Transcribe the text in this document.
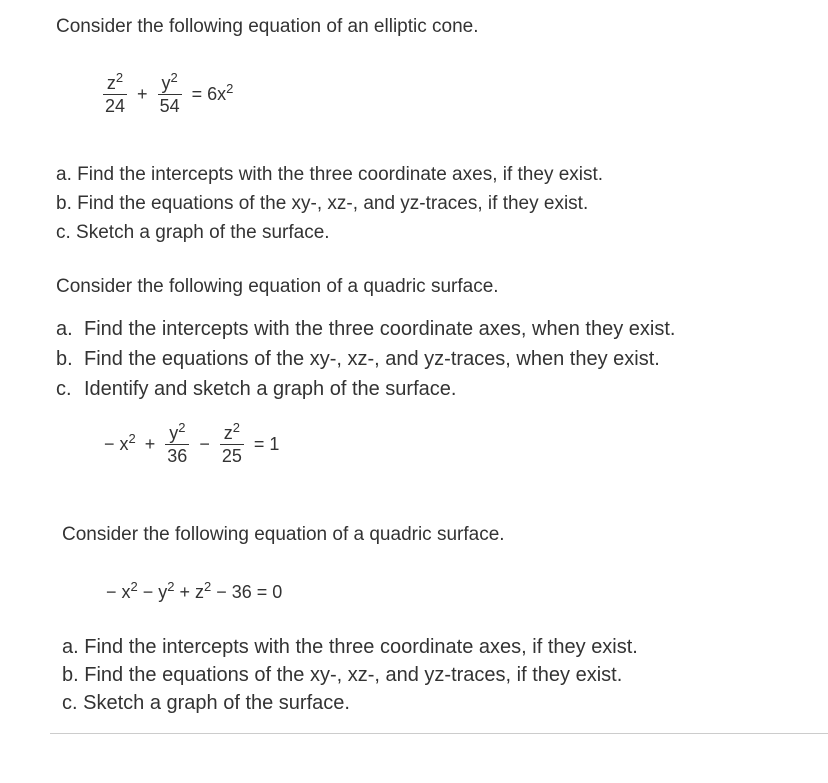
Consider the following equation of an elliptic cone.
$\frac{z^2}{24} + \frac{y^2}{54} = 6x^2$
a. Find the intercepts with the three coordinate axes, if they exist.
b. Find the equations of the xy-, xz-, and yz-traces, if they exist.
c. Sketch a graph of the surface.
Consider the following equation of a quadric surface.
a. Find the intercepts with the three coordinate axes, when they exist.
b. Find the equations of the xy-, xz-, and yz-traces, when they exist.
c. Identify and sketch a graph of the surface.
− $x^2 + \frac{y^2}{36} - \frac{z^2}{25} = 1$
Consider the following equation of a quadric surface.
− $x^2 - y^2 + z^2 - 36 = 0$
a. Find the intercepts with the three coordinate axes, if they exist.
b. Find the equations of the xy-, xz-, and yz-traces, if they exist.
c. Sketch a graph of the surface.
